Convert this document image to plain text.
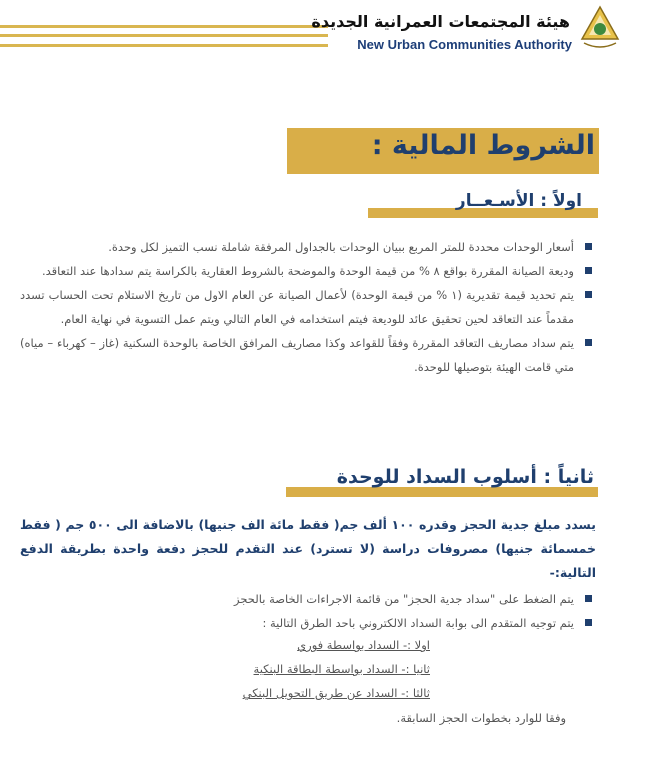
هيئة المجتمعات العمرانية الجديدة
New Urban Communities Authority
الشروط المالية :
اولاً : الأسـعــار
أسعار الوحدات محددة للمتر المربع ببيان الوحدات بالجداول المرفقة شاملة نسب التميز لكل وحدة.
وديعة الصيانة المقررة بواقع ٨ % من قيمة الوحدة والموضحة بالشروط العقارية بالكراسة يتم سدادها عند التعاقد.
يتم تحديد قيمة تقديرية (١ % من قيمة الوحدة) لأعمال الصيانة عن العام الاول من تاريخ الاستلام تحت الحساب تسدد مقدماً عند التعاقد لحين تحقيق عائد للوديعة فيتم استخدامه في العام التالي ويتم عمل التسوية في نهاية العام.
يتم سداد مصاريف التعاقد المقررة وفقاً للقواعد وكذا مصاريف المرافق الخاصة بالوحدة السكنية (غاز – كهرباء – مياه) متي قامت الهيئة بتوصيلها للوحدة.
ثانياً : أسلوب السداد للوحدة
يسدد مبلغ جدية الحجز وقدره ١٠٠ ألف جم( فقط مائة الف جنيها) بالاضافة الى ٥٠٠ جم ( فقط خمسمائة جنيها) مصروفات دراسة (لا تسترد) عند التقدم للحجز دفعة واحدة بطريقة الدفع التالية:-
يتم الضغط على "سداد جدية الحجز" من قائمة الاجراءات الخاصة بالحجز
يتم توجيه المتقدم الى بوابة السداد الالكتروني باحد الطرق التالية :
اولا :- السداد بواسطة فوري
ثانيا :- السداد بواسطة البطاقة البنكية
ثالثا :- السداد عن طريق التحويل البنكي
وفقا للوارد بخطوات الحجز السابقة.
